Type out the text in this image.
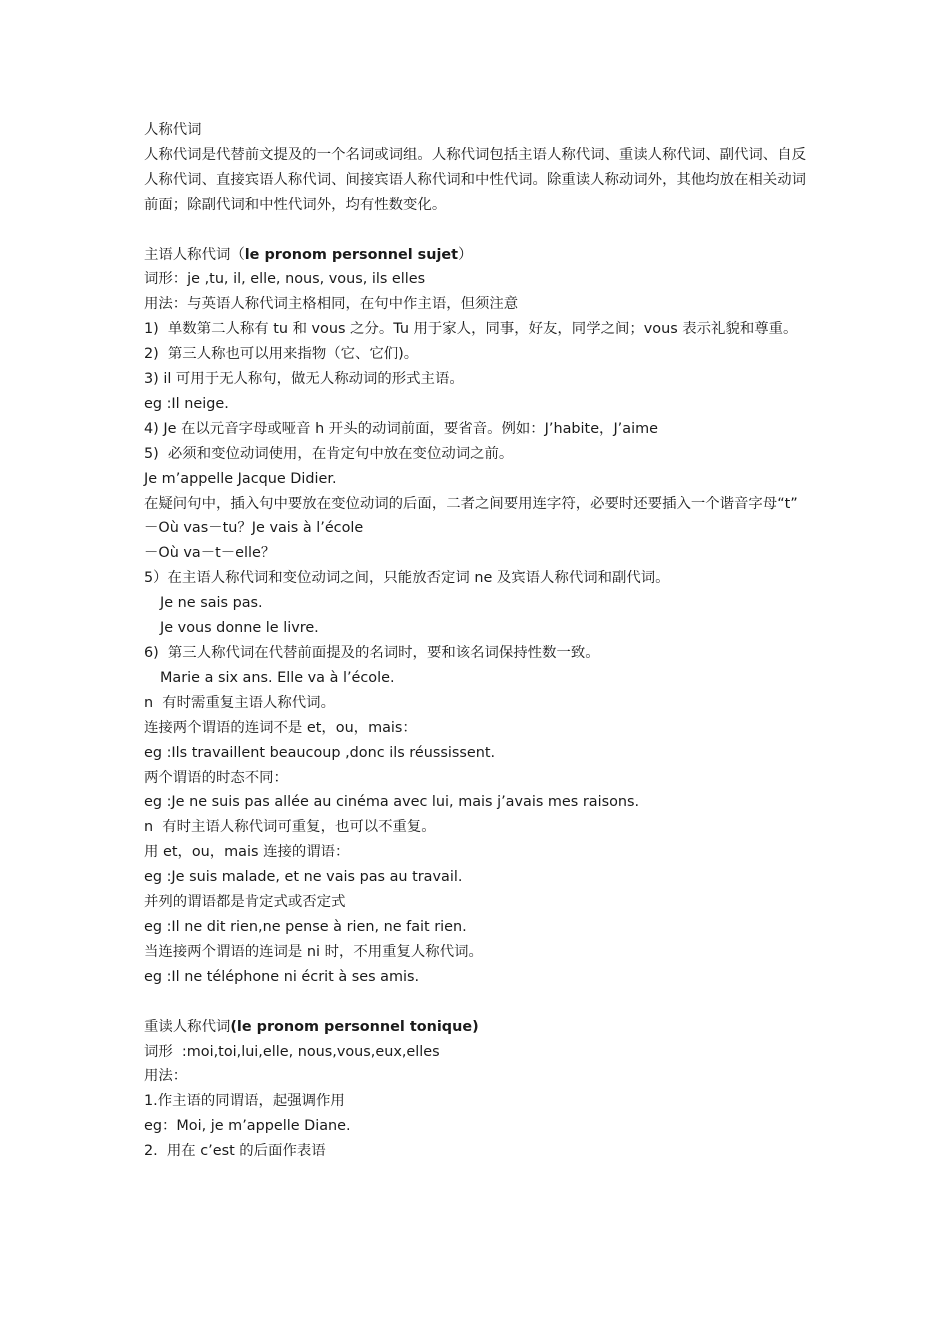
人称代词
人称代词是代替前文提及的一个名词或词组。人称代词包括主语人称代词、重读人称代词、副代词、自反人称代词、直接宾语人称代词、间接宾语人称代词和中性代词。除重读人称动词外，其他均放在相关动词前面；除副代词和中性代词外，均有性数变化。
主语人称代词（le pronom personnel sujet）
词形：je ,tu, il, elle, nous, vous, ils elles
用法：与英语人称代词主格相同，在句中作主语，但须注意
1)  单数第二人称有 tu 和 vous 之分。Tu 用于家人，同事，好友，同学之间；vous 表示礼貌和尊重。
2)  第三人称也可以用来指物（它、它们)。
3) il 可用于无人称句，做无人称动词的形式主语。
eg :Il neige.
4) Je 在以元音字母或哑音 h 开头的动词前面，要省音。例如：J’habite，J’aime
5)  必须和变位动词使用，在肯定句中放在变位动词之前。
Je m’appelle Jacque Didier.
在疑问句中，插入句中要放在变位动词的后面，二者之间要用连字符，必要时还要插入一个谐音字母“t”
－Où vas－tu？Je vais à l’école
－Où va－t－elle？
5）在主语人称代词和变位动词之间，只能放否定词 ne 及宾语人称代词和副代词。
Je ne sais pas.
Je vous donne le livre.
6)  第三人称代词在代替前面提及的名词时，要和该名词保持性数一致。
Marie a six ans. Elle va à l’école.
n  有时需重复主语人称代词。
连接两个谓语的连词不是 et，ou，mais：
eg :Ils travaillent beaucoup ,donc ils réussissent.
两个谓语的时态不同：
eg :Je ne suis pas allée au cinéma avec lui, mais j’avais mes raisons.
n  有时主语人称代词可重复，也可以不重复。
用 et，ou，mais 连接的谓语：
eg :Je suis malade, et ne vais pas au travail.
并列的谓语都是肯定式或否定式
eg :Il ne dit rien,ne pense à rien, ne fait rien.
当连接两个谓语的连词是 ni 时，不用重复人称代词。
eg :Il ne téléphone ni écrit à ses amis.
重读人称代词(le pronom personnel tonique)
词形  :moi,toi,lui,elle, nous,vous,eux,elles
用法：
1.作主语的同谓语，起强调作用
eg：Moi, je m’appelle Diane.
2.  用在 c’est 的后面作表语
